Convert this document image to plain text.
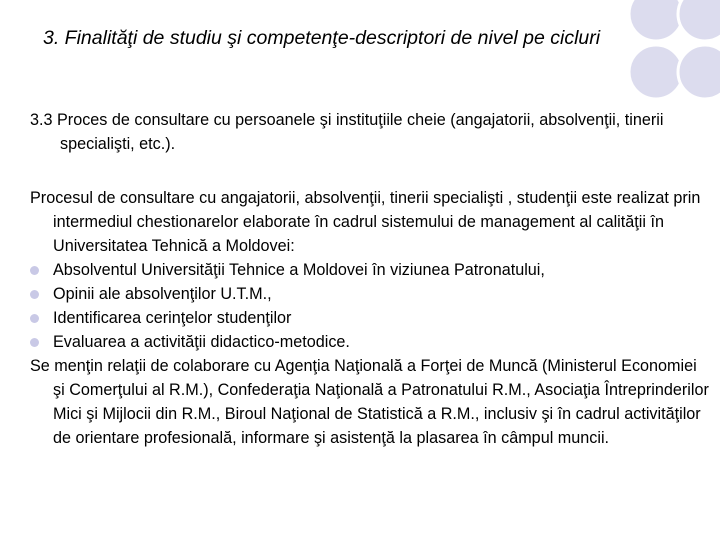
3. Finalităţi de studiu şi competenţe-descriptori de nivel pe cicluri

3.3 Proces de consultare cu persoanele şi instituţiile cheie (angajatorii, absolvenţii, tinerii specialişti, etc.).

Procesul de consultare cu angajatorii, absolvenţii, tinerii specialişti , studenţii este realizat prin intermediul chestionarelor elaborate în cadrul sistemului de management al calităţii în Universitatea Tehnică a Moldovei:

Absolventul Universităţii Tehnice a Moldovei în viziunea Patronatului,
Opinii ale absolvenţilor U.T.M.,
Identificarea cerinţelor studenţilor
Evaluarea a activităţii didactico-metodice.

Se menţin relaţii de colaborare cu Agenţia Naţională a Forţei de Muncă (Ministerul Economiei şi Comerţului al R.M.), Confederaţia Naţională a Patronatului R.M., Asociaţia Întreprinderilor Mici şi Mijlocii din R.M., Biroul Naţional de Statistică a R.M., inclusiv şi în cadrul activităţilor de orientare profesională, informare şi asistenţă la plasarea în câmpul muncii.
